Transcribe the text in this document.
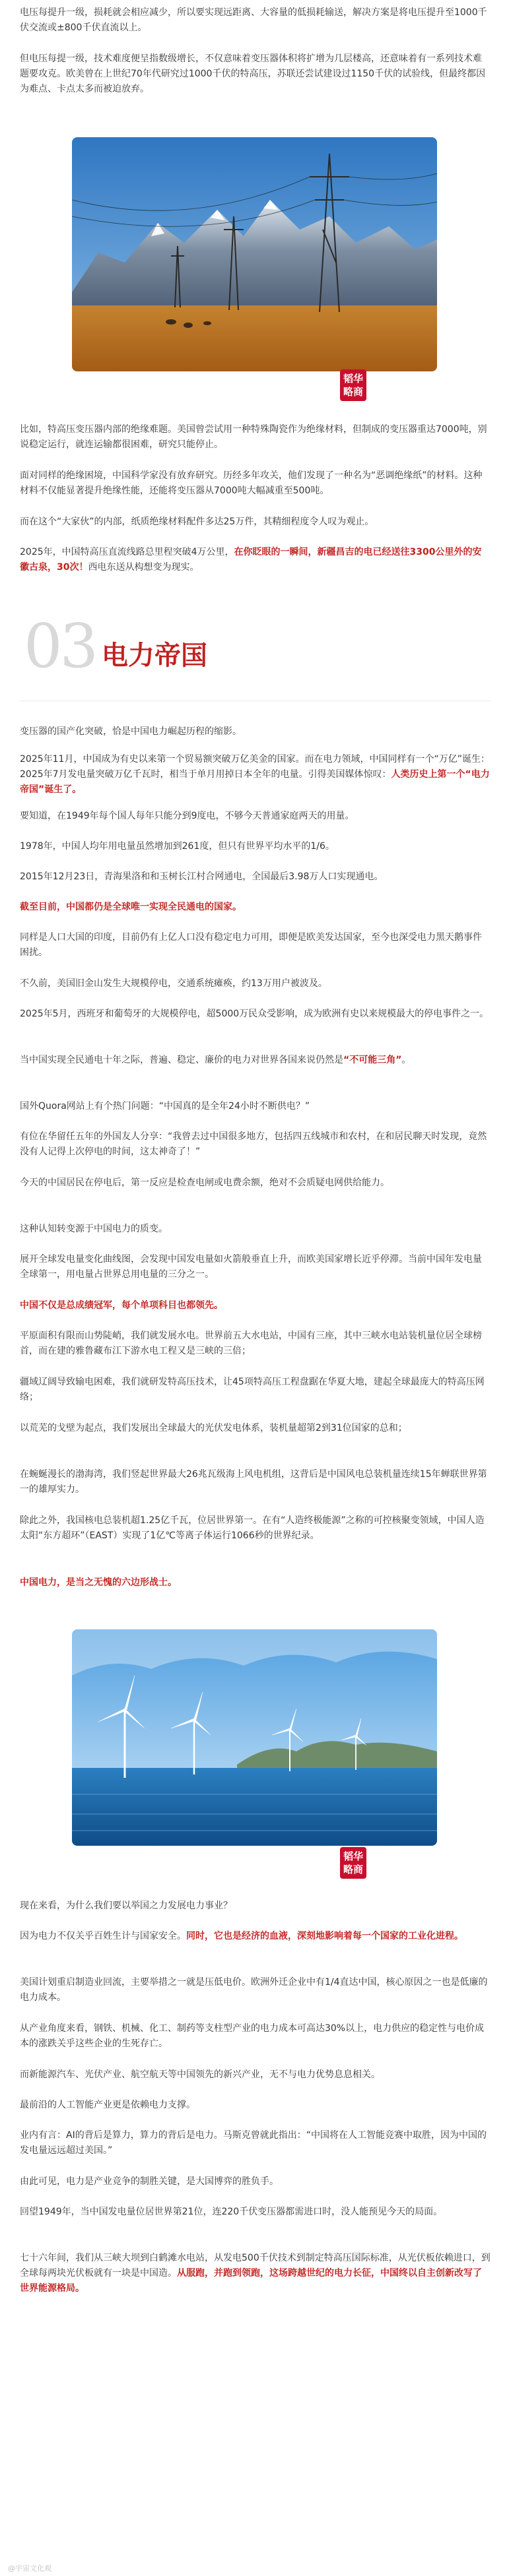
电压每提升一级，损耗就会相应减少，所以要实现远距离、大容量的低损耗输送，解决方案是将电压提升至1000千伏交流或±800千伏直流以上。

但电压每提一级，技术难度便呈指数级增长，不仅意味着变压器体积将扩增为几层楼高，还意味着有一系列技术难题要攻克。欧美曾在上世纪70年代研究过1000千伏的特高压，苏联还尝试建设过1150千伏的试验线，但最终都因为难点、卡点太多而被迫放弃。

韬华
略商

比如，特高压变压器内部的绝缘难题。美国曾尝试用一种特殊陶瓷作为绝缘材料，但制成的变压器重达7000吨，别说稳定运行，就连运输都很困难，研究只能停止。

面对同样的绝缘困境，中国科学家没有放弃研究。历经多年攻关，他们发现了一种名为“恶调绝缘纸”的材料。这种材料不仅能显著提升绝缘性能，还能将变压器从7000吨大幅减重至500吨。

而在这个“大家伙”的内部，纸质绝缘材料配件多达25万件，其精细程度令人叹为观止。

2025年，中国特高压直流线路总里程突破4万公里，在你眨眼的一瞬间，新疆昌吉的电已经送往3300公里外的安徽古泉，30次！西电东送从构想变为现实。

03 电力帝国

变压器的国产化突破，恰是中国电力崛起历程的缩影。

2025年11月，中国成为有史以来第一个贸易额突破万亿美金的国家。而在电力领域，中国同样有一个“万亿”诞生：2025年7月发电量突破万亿千瓦时，相当于单月用掉日本全年的电量。引得美国媒体惊叹：人类历史上第一个“电力帝国”诞生了。

要知道，在1949年每个国人每年只能分到9度电，不够今天普通家庭两天的用量。

1978年，中国人均年用电量虽然增加到261度，但只有世界平均水平的1/6。

2015年12月23日，青海果洛和和玉树长江村合网通电，全国最后3.98万人口实现通电。

截至目前，中国都仍是全球唯一实现全民通电的国家。

同样是人口大国的印度，目前仍有上亿人口没有稳定电力可用，即便是欧美发达国家，至今也深受电力黑天鹅事件困扰。

不久前，美国旧金山发生大规模停电，交通系统瘫痪，约13万用户被波及。

2025年5月，西班牙和葡萄牙的大规模停电，超5000万民众受影响，成为欧洲有史以来规模最大的停电事件之一。

当中国实现全民通电十年之际，普遍、稳定、廉价的电力对世界各国来说仍然是“不可能三角”。

国外Quora网站上有个热门问题：“中国真的是全年24小时不断供电？”

有位在华留任五年的外国友人分享：“我曾去过中国很多地方，包括四五线城市和农村，在和居民聊天时发现，竟然没有人记得上次停电的时间，这太神奇了！”

今天的中国居民在停电后，第一反应是检查电闸或电费余额，绝对不会质疑电网供给能力。

这种认知转变源于中国电力的质变。

展开全球发电量变化曲线图，会发现中国发电量如火箭般垂直上升，而欧美国家增长近乎停滞。当前中国年发电量全球第一，用电量占世界总用电量的三分之一。

中国不仅是总成绩冠军，每个单项科目也都领先。

平原面积有限而山势陡峭，我们就发展水电。世界前五大水电站，中国有三座，其中三峡水电站装机量位居全球榜首，而在建的雅鲁藏布江下游水电工程又是三峡的三倍；

疆域辽阔导致输电困难，我们就研发特高压技术，让45项特高压工程盘踞在华夏大地，建起全球最庞大的特高压网络；

以荒芜的戈壁为起点，我们发展出全球最大的光伏发电体系，装机量超第2到31位国家的总和；

在蜿蜒漫长的渤海湾，我们竖起世界最大26兆瓦级海上风电机组，这背后是中国风电总装机量连续15年蝉联世界第一的雄厚实力。

除此之外，我国核电总装机超1.25亿千瓦，位居世界第一。在有“人造终极能源”之称的可控核聚变领域，中国人造太阳“东方超环”（EAST）实现了1亿℃等离子体运行1066秒的世界纪录。

中国电力，是当之无愧的六边形战士。

韬华
略商

现在来看，为什么我们要以举国之力发展电力事业？

因为电力不仅关乎百姓生计与国家安全。同时，它也是经济的血液，深刻地影响着每一个国家的工业化进程。

美国计划重启制造业回流，主要举措之一就是压低电价。欧洲外迁企业中有1/4直达中国，核心原因之一也是低廉的电力成本。

从产业角度来看，钢铁、机械、化工、制药等支柱型产业的电力成本可高达30%以上，电力供应的稳定性与电价成本的涨跌关乎这些企业的生死存亡。

而新能源汽车、光伏产业、航空航天等中国领先的新兴产业，无不与电力优势息息相关。

最前沿的人工智能产业更是依赖电力支撑。

业内有言：AI的背后是算力，算力的背后是电力。马斯克曾就此指出：“中国将在人工智能竞赛中取胜，因为中国的发电量远远超过美国。”

由此可见，电力是产业竞争的制胜关键，是大国博弈的胜负手。

回望1949年，当中国发电量位居世界第21位，连220千伏变压器都需进口时，没人能预见今天的局面。

七十六年间，我们从三峡大坝到白鹤滩水电站，从发电500千伏技术到制定特高压国际标准，从光伏板依赖进口，到全球每两块光伏板就有一块是中国造。从服跑，并跑到领跑，这场跨越世纪的电力长征，中国终以自主创新改写了世界能源格局。

@宇宙文化观
